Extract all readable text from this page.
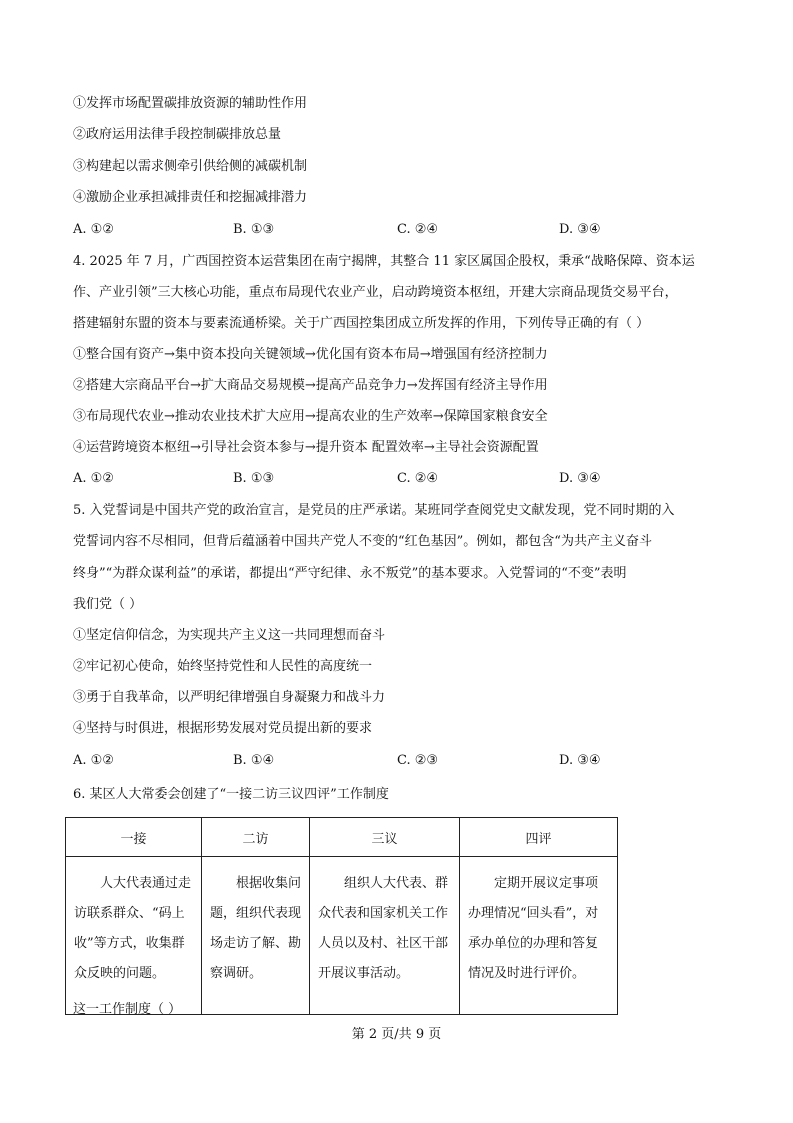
①发挥市场配置碳排放资源的辅助性作用
②政府运用法律手段控制碳排放总量
③构建起以需求侧牵引供给侧的减碳机制
④激励企业承担减排责任和挖掘减排潜力
A. ①②	B. ①③	C. ②④	D. ③④
4. 2025 年 7 月，广西国控资本运营集团在南宁揭牌，其整合 11 家区属国企股权，秉承“战略保障、资本运
作、产业引领”三大核心功能，重点布局现代农业产业，启动跨境资本枢纽，开建大宗商品现货交易平台，
搭建辐射东盟的资本与要素流通桥梁。关于广西国控集团成立所发挥的作用，下列传导正确的有（ ）
①整合国有资产→集中资本投向关键领域→优化国有资本布局→增强国有经济控制力
②搭建大宗商品平台→扩大商品交易规模→提高产品竞争力→发挥国有经济主导作用
③布局现代农业→推动农业技术扩大应用→提高农业的生产效率→保障国家粮食安全
④运营跨境资本枢纽→引导社会资本参与→提升资本 配置效率→主导社会资源配置
A. ①②	B. ①③	C. ②④	D. ③④
5. 入党誓词是中国共产党的政治宣言，是党员的庄严承诺。某班同学查阅党史文献发现，党不同时期的入
党誓词内容不尽相同，但背后蕴涵着中国共产党人不变的“红色基因”。例如，都包含“为共产主义奋斗
终身”“为群众谋利益”的承诺，都提出“严守纪律、永不叛党”的基本要求。入党誓词的“不变”表明
我们党（ ）
①坚定信仰信念，为实现共产主义这一共同理想而奋斗
②牢记初心使命，始终坚持党性和人民性的高度统一
③勇于自我革命，以严明纪律增强自身凝聚力和战斗力
④坚持与时俱进，根据形势发展对党员提出新的要求
A. ①②	B. ①④	C. ②③	D. ③④
6. 某区人大常委会创建了“一接二访三议四评”工作制度
一接	二访	三议	四评
人大代表通过走访联系群众、“码上收”等方式，收集群众反映的问题。	根据收集问题，组织代表现场走访了解、勘察调研。	组织人大代表、群众代表和国家机关工作人员以及村、社区干部开展议事活动。	定期开展议定事项办理情况“回头看”，对承办单位的办理和答复情况及时进行评价。
这一工作制度（ ）
第 2 页/共 9 页
